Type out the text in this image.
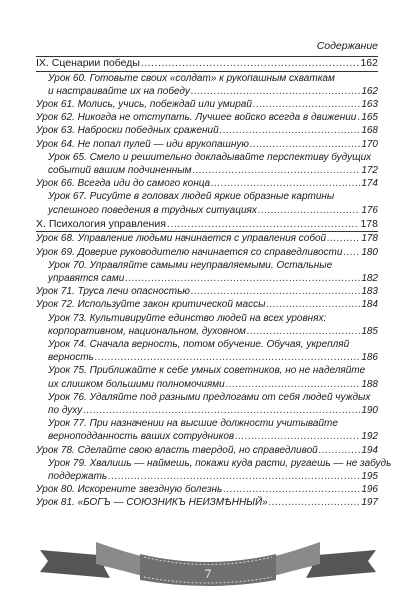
Содержание
IX. Сценарии победы .....	162
Урок 60. Готовьте своих «солдат» к рукопашным схваткам
и настраивайте их на победу .....	162
Урок 61. Молись, учись, побеждай или умирай .....	163
Урок 62. Никогда не отступать. Лучшее войско всегда в движении ..... 165
Урок 63. Наброски победных сражений .....	168
Урок 64. Не попал пулей — иди врукопашную .....	170
Урок 65. Смело и решительно докладывайте перспективу будущих
событий вашим подчиненным .....	172
Урок 66. Всегда иди до самого конца .....	174
Урок 67. Рисуйте в головах людей яркие образные картины
успешного поведения в трудных ситуациях .....	176
X. Психология управления .....	178
Урок 68. Управление людьми начинается с управления собой .....	178
Урок 69. Доверие руководителю начинается со справедливости ..... 180
Урок 70. Управляйте самыми неуправляемыми. Остальные
управятся сами .....	182
Урок 71. Труса лечи опасностью .....	183
Урок 72. Используйте закон критической массы .....	184
Урок 73. Культивируйте единство людей на всех уровнях:
корпоративном, национальном, духовном .....	185
Урок 74. Сначала верность, потом обучение. Обучая, укрепляй
верность .....	186
Урок 75. Приближайте к себе умных советников, но не наделяйте
их слишком большими полномочиями .....	188
Урок 76. Удаляйте под разными предлогами от себя людей чуждых
по духу .....	190
Урок 77. При назначении на высшие должности учитывайте
верноподданность ваших сотрудников .....	192
Урок 78. Сделайте свою власть твердой, но справедливой .....	194
Урок 79. Хвалишь — наймешь, покажи куда расти, ругаешь — не забудь
поддержать .....	195
Урок 80. Искорените звездную болезнь .....	196
Урок 81. «БОГЪ — СОЮЗНИКЪ НЕИЗМѢННЫЙ» .....	197
7
